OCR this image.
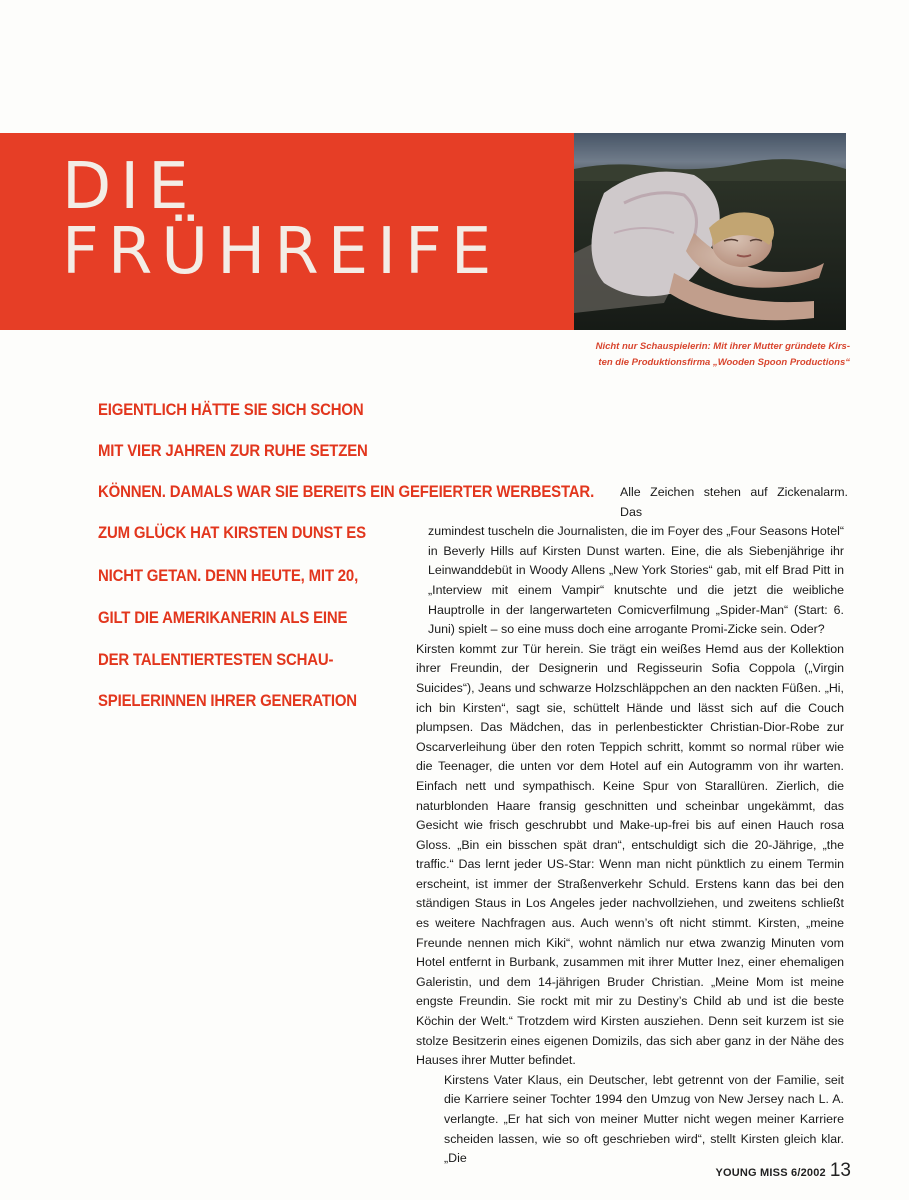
DIE
FRÜHREIFE

Nicht nur Schauspielerin: Mit ihrer Mutter gründete Kirs-
ten die Produktionsfirma „Wooden Spoon Productions“

EIGENTLICH HÄTTE SIE SICH SCHON

MIT VIER JAHREN ZUR RUHE SETZEN

KÖNNEN. DAMALS WAR SIE BEREITS EIN GEFEIERTER WERBESTAR.

ZUM GLÜCK HAT KIRSTEN DUNST ES

NICHT GETAN. DENN HEUTE, MIT 20,

GILT DIE AMERIKANERIN ALS EINE

DER TALENTIERTESTEN SCHAU-

SPIELERINNEN IHRER GENERATION

Alle Zeichen stehen auf Zickenalarm. Das

zumindest tuscheln die Journalisten, die im Foyer des „Four Seasons Hotel“ in Beverly Hills auf Kirsten Dunst warten. Eine, die als Siebenjährige ihr Leinwanddebüt in Woody Allens „New York Stories“ gab, mit elf Brad Pitt in „Interview mit einem Vampir“ knutschte und die jetzt die weibliche Hauptrolle in der langerwarteten Comicverfilmung „Spider-Man“ (Start: 6. Juni) spielt – so eine muss doch eine arrogante Promi-Zicke sein. Oder?

Kirsten kommt zur Tür herein. Sie trägt ein weißes Hemd aus der Kollektion ihrer Freundin, der Designerin und Regisseurin Sofia Coppola („Virgin Suicides“), Jeans und schwarze Holzschläppchen an den nackten Füßen. „Hi, ich bin Kirsten“, sagt sie, schüttelt Hände und lässt sich auf die Couch plumpsen. Das Mädchen, das in perlenbestickter Christian-Dior-Robe zur Oscarverleihung über den roten Teppich schritt, kommt so normal rüber wie die Teenager, die unten vor dem Hotel auf ein Autogramm von ihr warten. Einfach nett und sympathisch. Keine Spur von Starallüren. Zierlich, die naturblonden Haare fransig geschnitten und scheinbar ungekämmt, das Gesicht wie frisch geschrubbt und Make-up-frei bis auf einen Hauch rosa Gloss. „Bin ein bisschen spät dran“, entschuldigt sich die 20-Jährige, „the traffic.“ Das lernt jeder US-Star: Wenn man nicht pünktlich zu einem Termin erscheint, ist immer der Straßenverkehr Schuld. Erstens kann das bei den ständigen Staus in Los Angeles jeder nachvollziehen, und zweitens schließt es weitere Nachfragen aus. Auch wenn’s oft nicht stimmt. Kirsten, „meine Freunde nennen mich Kiki“, wohnt nämlich nur etwa zwanzig Minuten vom Hotel entfernt in Burbank, zusammen mit ihrer Mutter Inez, einer ehemaligen Galeristin, und dem 14-jährigen Bruder Christian. „Meine Mom ist meine engste Freundin. Sie rockt mit mir zu Destiny’s Child ab und ist die beste Köchin der Welt.“ Trotzdem wird Kirsten ausziehen. Denn seit kurzem ist sie stolze Besitzerin eines eigenen Domizils, das sich aber ganz in der Nähe des Hauses ihrer Mutter befindet.

Kirstens Vater Klaus, ein Deutscher, lebt getrennt von der Familie, seit die Karriere seiner Tochter 1994 den Umzug von New Jersey nach L. A. verlangte. „Er hat sich von meiner Mutter nicht wegen meiner Karriere scheiden lassen, wie so oft geschrieben wird“, stellt Kirsten gleich klar. „Die

YOUNG MISS 6/2002 13
